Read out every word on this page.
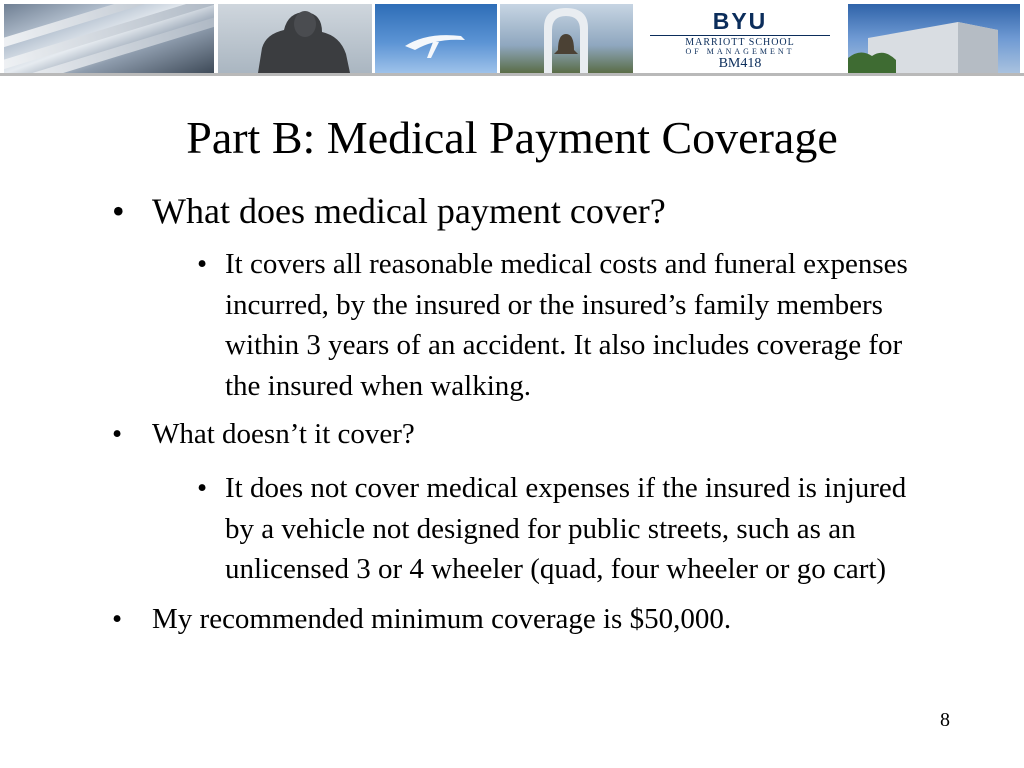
BYU
MARRIOTT SCHOOL
OF MANAGEMENT
BM418
Part B: Medical Payment Coverage
• What does medical payment cover?
• It covers all reasonable medical costs and funeral expenses incurred, by the insured or the insured’s family members within 3 years of an accident. It also includes coverage for the insured when walking.
• What doesn’t it cover?
• It does not cover medical expenses if the insured is injured by a vehicle not designed for public streets, such as an unlicensed 3 or 4 wheeler (quad, four wheeler or go cart)
• My recommended minimum coverage is $50,000.
8
